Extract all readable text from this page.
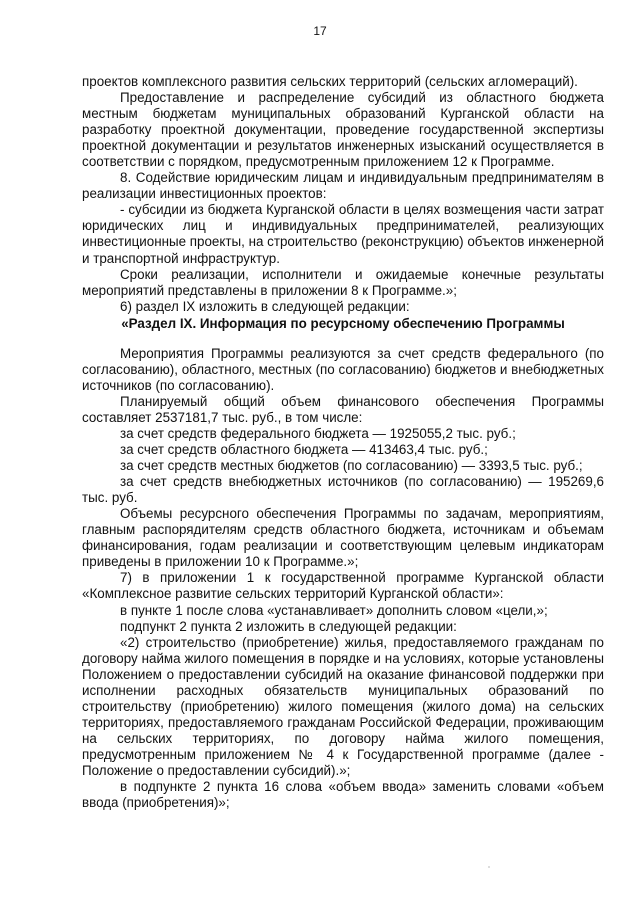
17

проектов комплексного развития сельских территорий (сельских агломераций).

Предоставление и распределение субсидий из областного бюджета местным бюджетам муниципальных образований Курганской области на разработку проектной документации, проведение государственной экспертизы проектной документации и результатов инженерных изысканий осуществляется в соответствии с порядком, предусмотренным приложением 12 к Программе.

8. Содействие юридическим лицам и индивидуальным предпринимателям в реализации инвестиционных проектов:

- субсидии из бюджета Курганской области в целях возмещения части затрат юридических лиц и индивидуальных предпринимателей, реализующих инвестиционные проекты, на строительство (реконструкцию) объектов инженерной и транспортной инфраструктур.

Сроки реализации, исполнители и ожидаемые конечные результаты мероприятий представлены в приложении 8 к Программе.»;

6) раздел IX изложить в следующей редакции:

«Раздел IX. Информация по ресурсному обеспечению Программы

Мероприятия Программы реализуются за счет средств федерального (по согласованию), областного, местных (по согласованию) бюджетов и внебюджетных источников (по согласованию).

Планируемый общий объем финансового обеспечения Программы составляет 2537181,7 тыс. руб., в том числе:

за счет средств федерального бюджета — 1925055,2 тыс. руб.;

за счет средств областного бюджета — 413463,4 тыс. руб.;

за счет средств местных бюджетов (по согласованию) — 3393,5 тыс. руб.;

за счет средств внебюджетных источников (по согласованию) — 195269,6 тыс. руб.

Объемы ресурсного обеспечения Программы по задачам, мероприятиям, главным распорядителям средств областного бюджета, источникам и объемам финансирования, годам реализации и соответствующим целевым индикаторам приведены в приложении 10 к Программе.»;

7) в приложении 1 к государственной программе Курганской области «Комплексное развитие сельских территорий Курганской области»:

в пункте 1 после слова «устанавливает» дополнить словом «цели,»;

подпункт 2 пункта 2 изложить в следующей редакции:

«2) строительство (приобретение) жилья, предоставляемого гражданам по договору найма жилого помещения в порядке и на условиях, которые установлены Положением о предоставлении субсидий на оказание финансовой поддержки при исполнении расходных обязательств муниципальных образований по строительству (приобретению) жилого помещения (жилого дома) на сельских территориях, предоставляемого гражданам Российской Федерации, проживающим на сельских территориях, по договору найма жилого помещения, предусмотренным приложением № 4 к Государственной программе (далее - Положение о предоставлении субсидий).»;

в подпункте 2 пункта 16 слова «объем ввода» заменить словами «объем ввода (приобретения)»;
